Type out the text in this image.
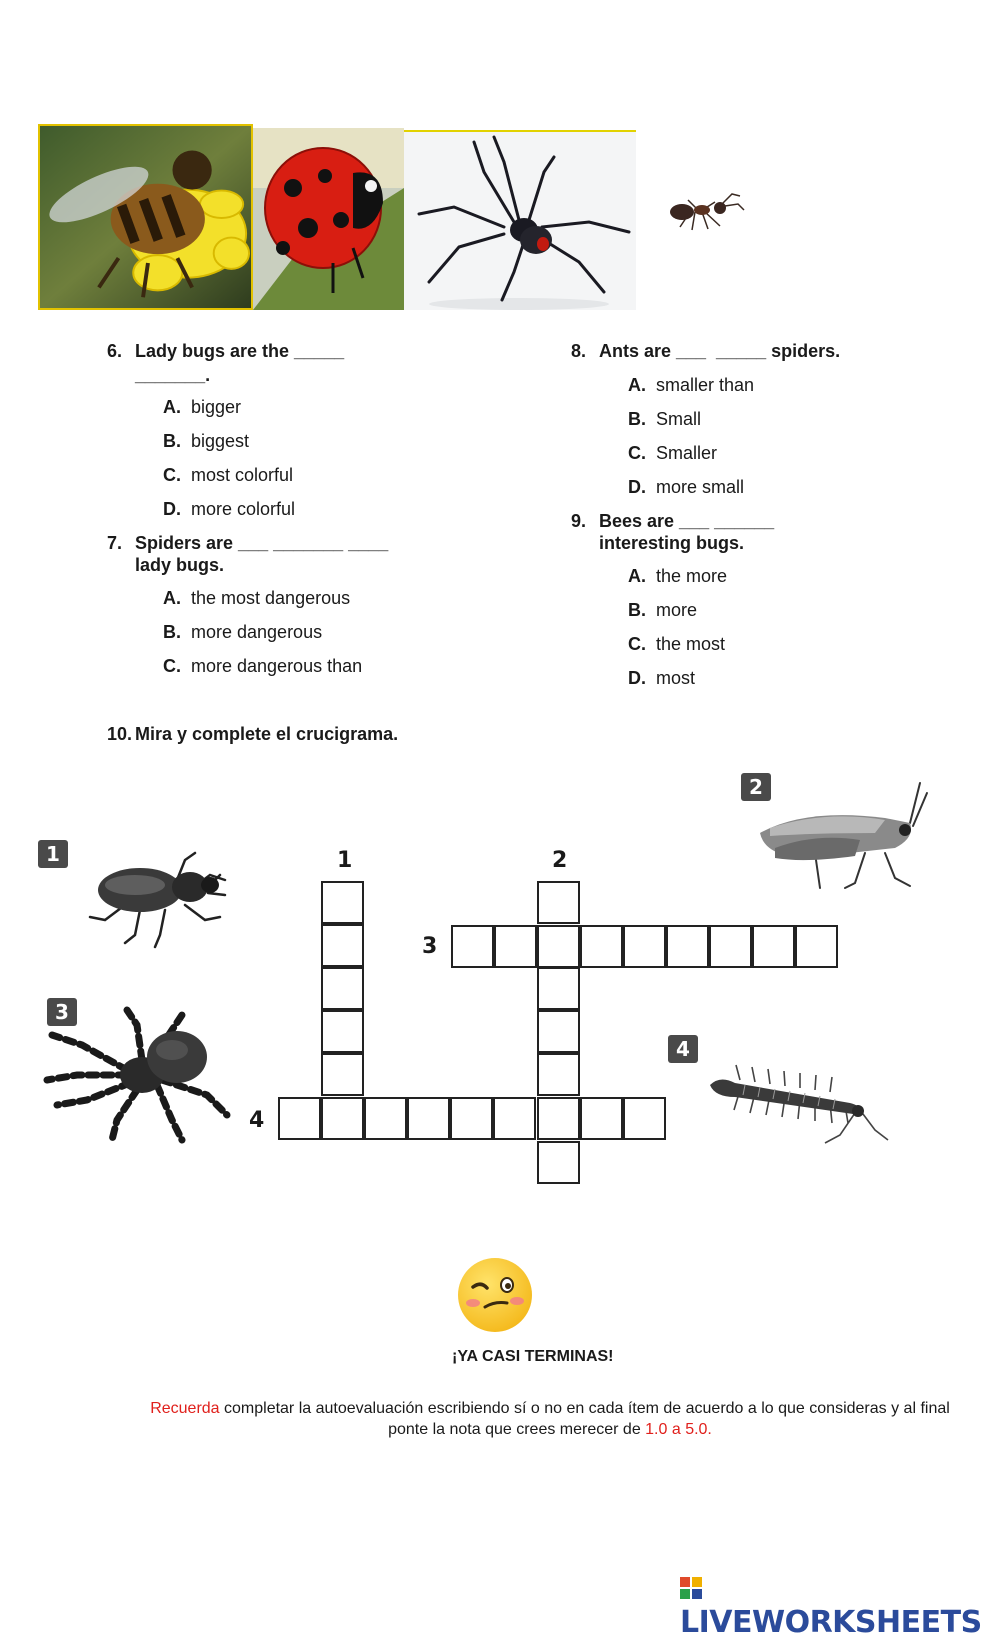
6. Lady bugs are the _____
_______.
A. bigger
B. biggest
C. most colorful
D. more colorful
7. Spiders are ___ _______ ____
lady bugs.
A. the most dangerous
B. more dangerous
C. more dangerous than
8. Ants are ___  _____ spiders.
A. smaller than
B. Small
C. Smaller
D. more small
9. Bees are ___ ______
interesting bugs.
A. the more
B. more
C. the most
D. most
10. Mira y complete el crucigrama.
1
2
3
4
1	2
3
4
¡YA CASI TERMINAS!
Recuerda completar la autoevaluación escribiendo sí o no en cada ítem de acuerdo a lo que consideras y al final ponte la nota que crees merecer de 1.0 a 5.0.
LIVEWORKSHEETS
